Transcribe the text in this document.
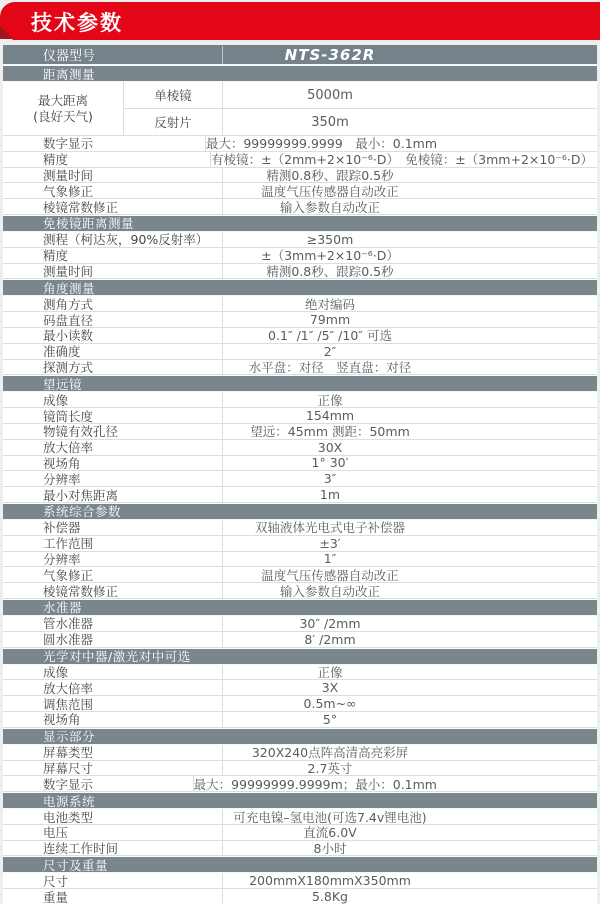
技术参数
仪器型号	NTS-362R
距离测量
最大距离
(良好天气)
单棱镜	5000m
反射片	350m
数字显示	最大：99999999.9999　最小：0.1mm
精度	有棱镜：±（2mm+2×10⁻⁶·D）　免棱镜：±（3mm+2×10⁻⁶·D）
测量时间	精测0.8秒、跟踪0.5秒
气象修正	温度气压传感器自动改正
棱镜常数修正	输入参数自动改正
免棱镜距离测量
测程（柯达灰，90%反射率）	≥350m
精度	±（3mm+2×10⁻⁶·D）
测量时间	精测0.8秒、跟踪0.5秒
角度测量
测角方式	绝对编码
码盘直径	79mm
最小读数	0.1″ /1″ /5″ /10″ 可选
准确度	2″
探测方式	水平盘：对径　竖直盘：对径
望远镜
成像	正像
镜筒长度	154mm
物镜有效孔径	望远：45mm 测距：50mm
放大倍率	30X
视场角	1° 30′
分辨率	3″
最小对焦距离	1m
系统综合参数
补偿器	双轴液体光电式电子补偿器
工作范围	±3′
分辨率	1″
气象修正	温度气压传感器自动改正
棱镜常数修正	输入参数自动改正
水准器
管水准器	30″ /2mm
圆水准器	8′ /2mm
光学对中器/激光对中可选
成像	正像
放大倍率	3X
调焦范围	0.5m~∞
视场角	5°
显示部分
屏幕类型	320X240点阵高清高亮彩屏
屏幕尺寸	2.7英寸
数字显示	最大：99999999.9999m；最小：0.1mm
电源系统
电池类型	可充电镍–氢电池(可选7.4v锂电池)
电压	直流6.0V
连续工作时间	8小时
尺寸及重量
尺寸	200mmX180mmX350mm
重量	5.8Kg
